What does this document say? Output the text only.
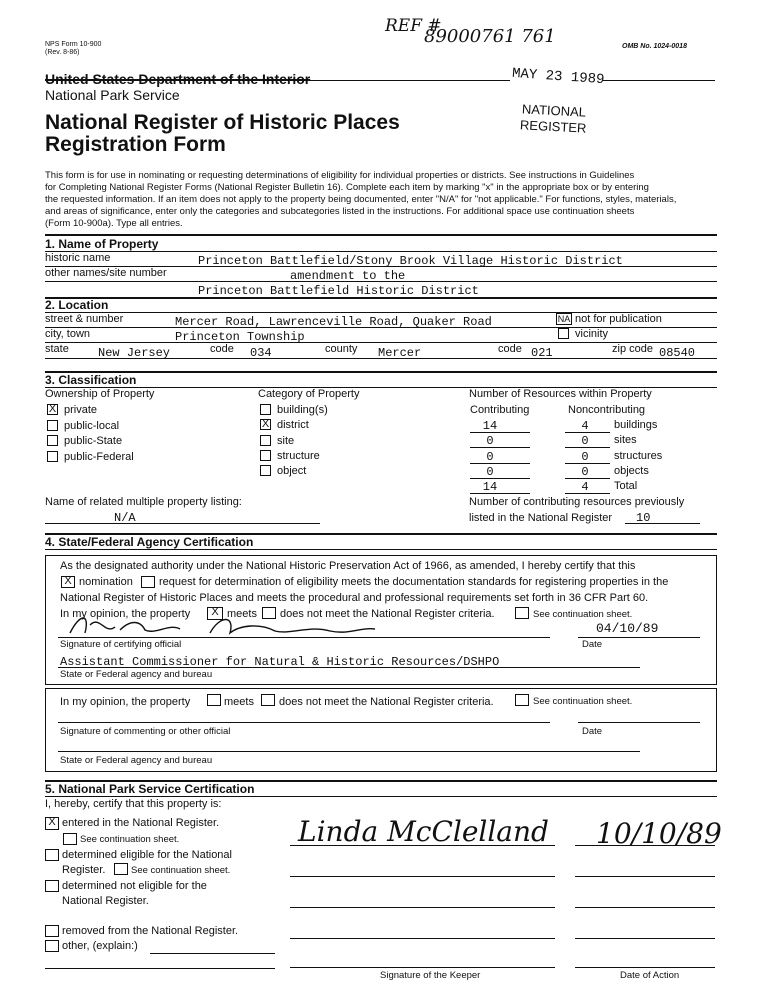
NPS Form 10-900
(Rev. 8-86)
OMB No. 1024-0018
REF #
89000761 761
MAY 23 1989
NATIONAL
REGISTER
United States Department of the Interior
National Park Service
National Register of Historic Places
Registration Form
This form is for use in nominating or requesting determinations of eligibility for individual properties or districts. See instructions in Guidelines
for Completing National Register Forms (National Register Bulletin 16). Complete each item by marking "x" in the appropriate box or by entering
the requested information. If an item does not apply to the property being documented, enter "N/A" for "not applicable." For functions, styles, materials,
and areas of significance, enter only the categories and subcategories listed in the instructions. For additional space use continuation sheets
(Form 10-900a). Type all entries.
1. Name of Property
historic name	Princeton Battlefield/Stony Brook Village Historic District
other names/site number	amendment to the
Princeton Battlefield Historic District
2. Location
street & number	Mercer Road, Lawrenceville Road, Quaker Road	NA not for publication
city, town	Princeton Township	vicinity
state New Jersey	code 034	county Mercer	code 021	zip code 08540
3. Classification
Ownership of Property
X private
public-local
public-State
public-Federal
Category of Property
building(s)
X district
site
structure
object
Number of Resources within Property
Contributing	Noncontributing
14	4	buildings
0	0	sites
0	0	structures
0	0	objects
14	4	Total
Name of related multiple property listing:
N/A
Number of contributing resources previously
listed in the National Register 10
4. State/Federal Agency Certification
As the designated authority under the National Historic Preservation Act of 1966, as amended, I hereby certify that this
X nomination request for determination of eligibility meets the documentation standards for registering properties in the
National Register of Historic Places and meets the procedural and professional requirements set forth in 36 CFR Part 60.
In my opinion, the property	X meets does not meet the National Register criteria.	See continuation sheet.
04/10/89
Signature of certifying official	Date
Assistant Commissioner for Natural & Historic Resources/DSHPO
State or Federal agency and bureau
In my opinion, the property	meets does not meet the National Register criteria.	See continuation sheet.
Signature of commenting or other official	Date
State or Federal agency and bureau
5. National Park Service Certification
I, hereby, certify that this property is:
X entered in the National Register.
See continuation sheet.
determined eligible for the National
Register.	See continuation sheet.
determined not eligible for the
National Register.
removed from the National Register.
other, (explain:)
Linda McClelland 10/10/89
Signature of the Keeper	Date of Action
